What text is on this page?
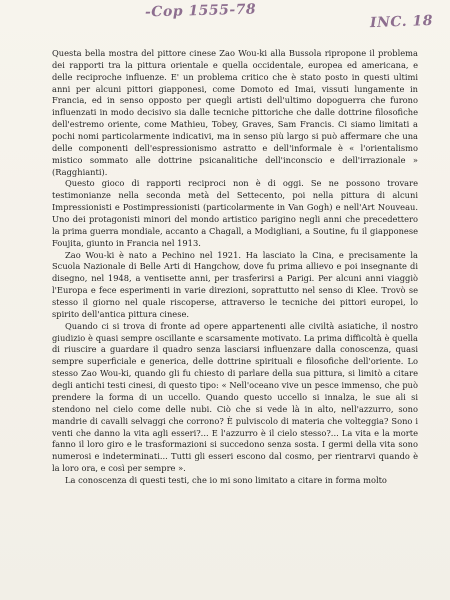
-Cop 1555-78
INC. 18

Questa bella mostra del pittore cinese Zao Wou-ki alla Bussola ripropone il problema dei rapporti tra la pittura orientale e quella occidentale, europea ed americana, e delle reciproche influenze. E' un problema critico che è stato posto in questi ultimi anni per alcuni pittori giapponesi, come Domoto ed Imai, vissuti lungamente in Francia, ed in senso opposto per quegli artisti dell'ultimo dopoguerra che furono influenzati in modo decisivo sia dalle tecniche pittoriche che dalle dottrine filosofiche dell'estremo oriente, come Mathieu, Tobey, Graves, Sam Francis. Ci siamo limitati a pochi nomi particolarmente indicativi, ma in senso più largo si può affermare che una delle componenti dell'espressionismo astratto e dell'informale è « l'orientalismo mistico sommato alle dottrine psicanalitiche dell'inconscio e dell'irrazionale » (Ragghianti).

Questo gioco di rapporti reciproci non è di oggi. Se ne possono trovare testimonianze nella seconda metà del Settecento, poi nella pittura di alcuni Impressionisti e Postimpressionisti (particolarmente in Van Gogh) e nell'Art Nouveau. Uno dei protagonisti minori del mondo artistico parigino negli anni che precedettero la prima guerra mondiale, accanto a Chagall, a Modigliani, a Soutine, fu il giapponese Foujita, giunto in Francia nel 1913.

Zao Wou-ki è nato a Pechino nel 1921. Ha lasciato la Cina, e precisamente la Scuola Nazionale di Belle Arti di Hangchow, dove fu prima allievo e poi insegnante di disegno, nel 1948, a ventisette anni, per trasferirsi a Parigi. Per alcuni anni viaggiò l'Europa e fece esperimenti in varie direzioni, soprattutto nel senso di Klee. Trovò se stesso il giorno nel quale riscoperse, attraverso le tecniche dei pittori europei, lo spirito dell'antica pittura cinese.

Quando ci si trova di fronte ad opere appartenenti alle civiltà asiatiche, il nostro giudizio è quasi sempre oscillante e scarsamente motivato. La prima difficoltà è quella di riuscire a guardare il quadro senza lasciarsi influenzare dalla conoscenza, quasi sempre superficiale e generica, delle dottrine spirituali e filosofiche dell'oriente. Lo stesso Zao Wou-ki, quando gli fu chiesto di parlare della sua pittura, si limitò a citare degli antichi testi cinesi, di questo tipo: « Nell'oceano vive un pesce immenso, che può prendere la forma di un uccello. Quando questo uccello si innalza, le sue ali si stendono nel cielo come delle nubi. Ciò che si vede là in alto, nell'azzurro, sono mandrie di cavalli selvaggi che corrono? È pulviscolo di materia che volteggia? Sono i venti che danno la vita agli esseri?... E l'azzurro è il cielo stesso?... La vita e la morte fanno il loro giro e le trasformazioni si succedono senza sosta. I germi della vita sono numerosi e indeterminati... Tutti gli esseri escono dal cosmo, per rientrarvi quando è la loro ora, e così per sempre ».

La conoscenza di questi testi, che io mi sono limitato a citare in forma molto
